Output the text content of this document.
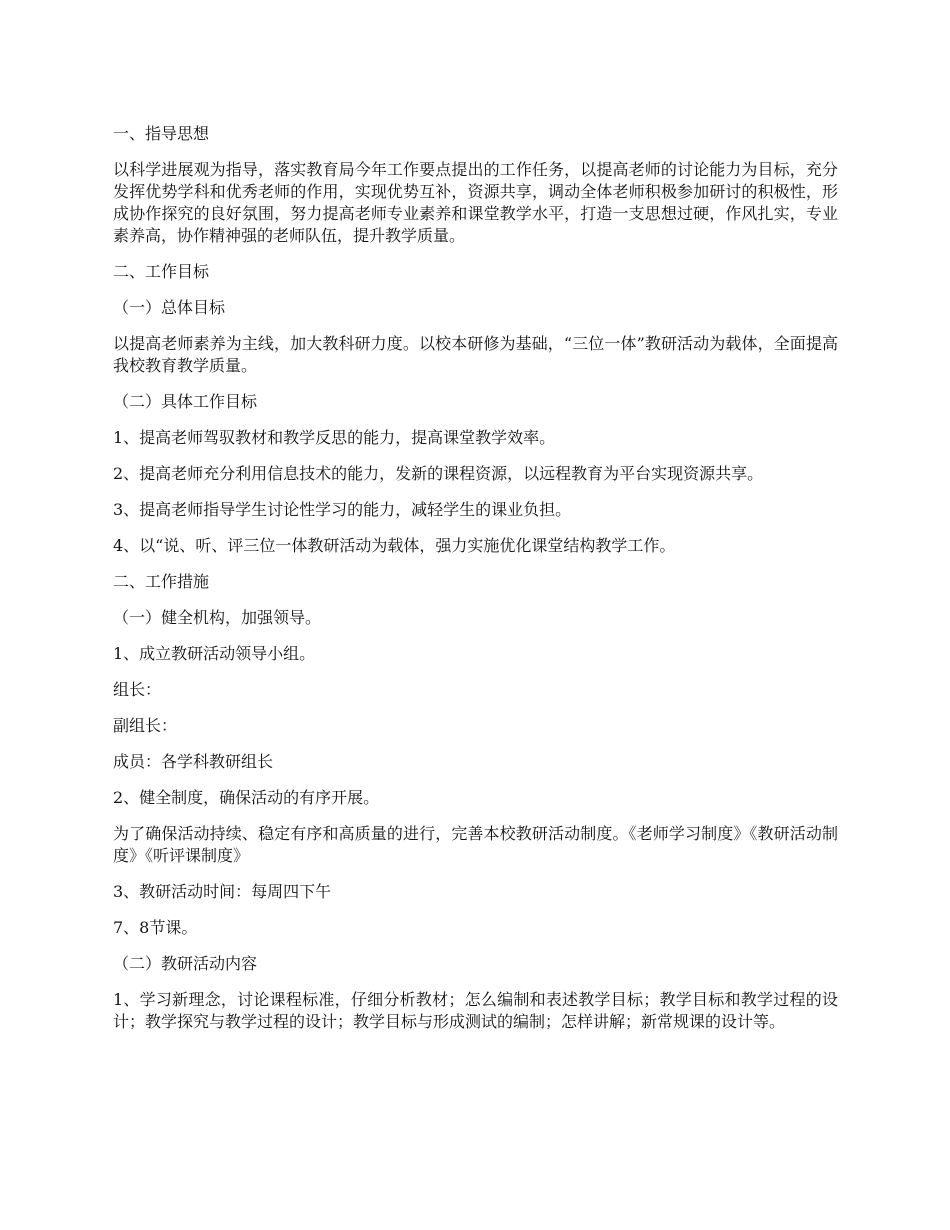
一、指导思想

以科学进展观为指导，落实教育局今年工作要点提出的工作任务，以提高老师的讨论能力为目标，充分发挥优势学科和优秀老师的作用，实现优势互补，资源共享，调动全体老师积极参加研讨的积极性，形成协作探究的良好氛围，努力提高老师专业素养和课堂教学水平，打造一支思想过硬，作风扎实，专业素养高，协作精神强的老师队伍，提升教学质量。

二、工作目标

（一）总体目标

以提高老师素养为主线，加大教科研力度。以校本研修为基础，“三位一体”教研活动为载体，全面提高我校教育教学质量。

（二）具体工作目标

1、提高老师驾驭教材和教学反思的能力，提高课堂教学效率。

2、提高老师充分利用信息技术的能力，发新的课程资源，以远程教育为平台实现资源共享。

3、提高老师指导学生讨论性学习的能力，减轻学生的课业负担。

4、以“说、听、评三位一体教研活动为载体，强力实施优化课堂结构教学工作。

二、工作措施

（一）健全机构，加强领导。

1、成立教研活动领导小组。

组长：

副组长：

成员：各学科教研组长

2、健全制度，确保活动的有序开展。

为了确保活动持续、稳定有序和高质量的进行，完善本校教研活动制度。《老师学习制度》《教研活动制度》《听评课制度》

3、教研活动时间：每周四下午

7、8节课。

（二）教研活动内容

1、学习新理念，讨论课程标准，仔细分析教材；怎么编制和表述教学目标；教学目标和教学过程的设计；教学探究与教学过程的设计；教学目标与形成测试的编制；怎样讲解；新常规课的设计等。
